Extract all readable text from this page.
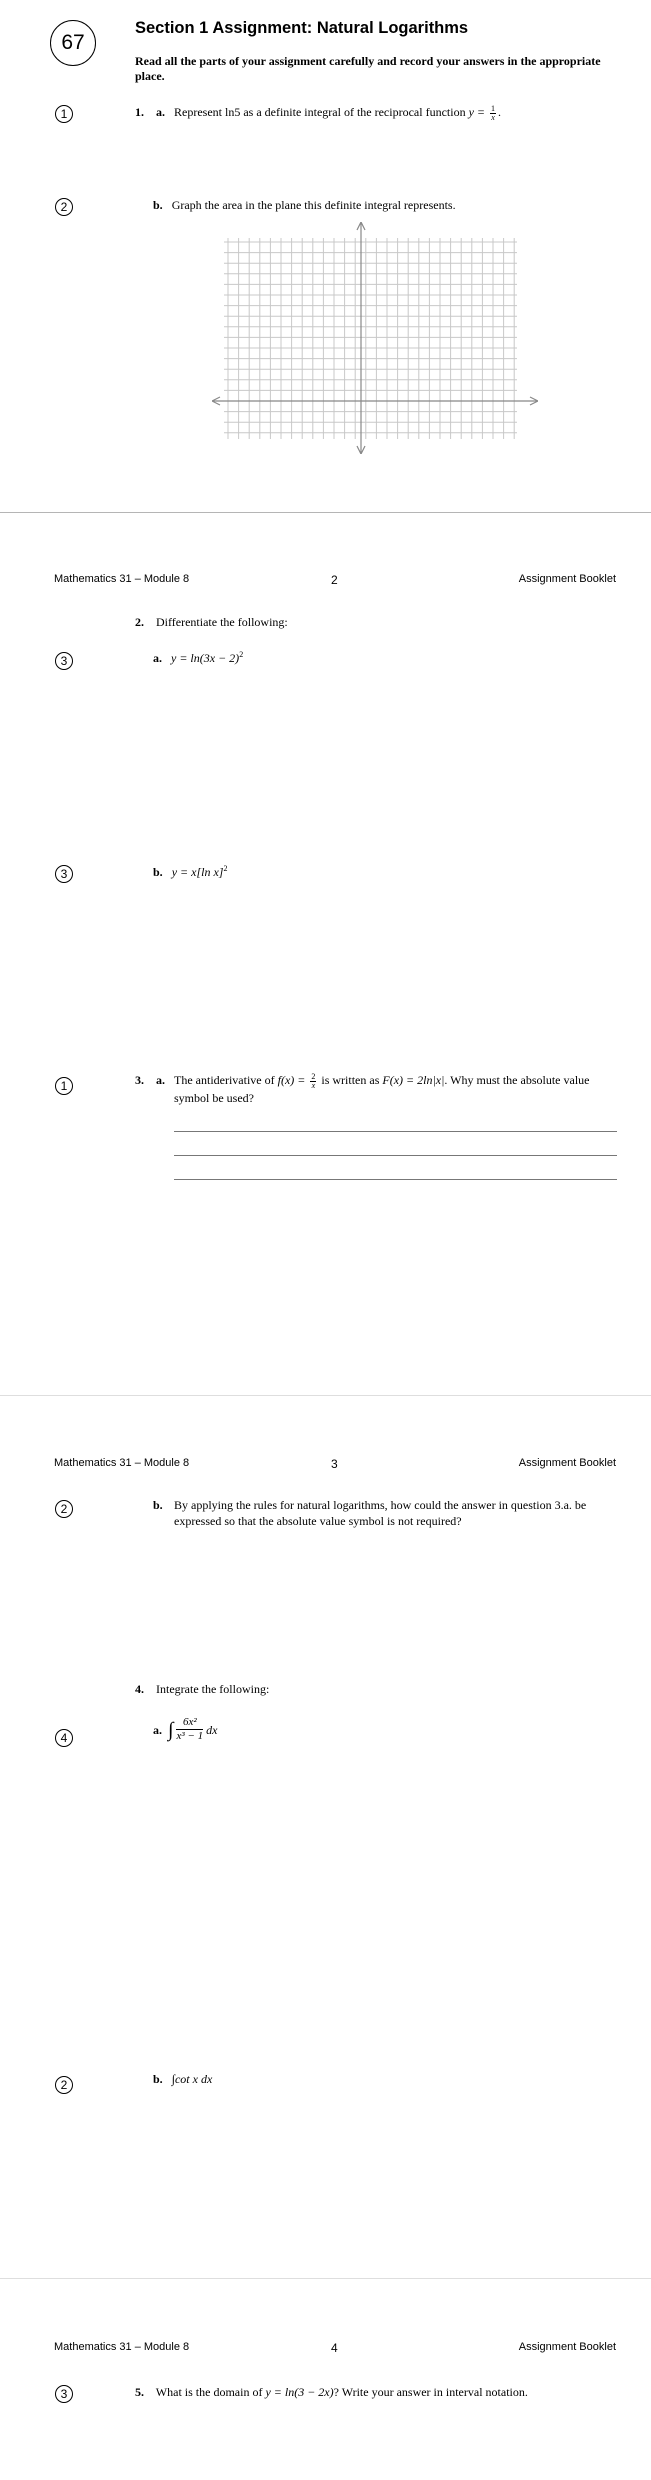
67
Section 1 Assignment: Natural Logarithms
Read all the parts of your assignment carefully and record your answers in the appropriate place.
1	1. a. Represent ln5 as a definite integral of the reciprocal function $y = \frac{1}{x}$ .
2	b. Graph the area in the plane this definite integral represents.
Mathematics 31 – Module 8	2	Assignment Booklet
2. Differentiate the following:
3	a. $y = \ln(3x - 2)^2$
3	b. y = x[ln x]$^2$
1	3. a. The antiderivative of $f(x) = \frac{2}{x}$ is written as F(x) = 2ln|x|. Why must the absolute value symbol be used?
Mathematics 31 – Module 8	3	Assignment Booklet
2	b. By applying the rules for natural logarithms, how could the answer in question 3.a. be expressed so that the absolute value symbol is not required?
4. Integrate the following:
4
a.
∫ $\frac{\text{6x²}}{\text{x³ − 1}}$ dx
2	b. ∫cot x dx
Mathematics 31 – Module 8	4	Assignment Booklet
3	5. What is the domain of y = ln(3 − 2x)? Write your answer in interval notation.
